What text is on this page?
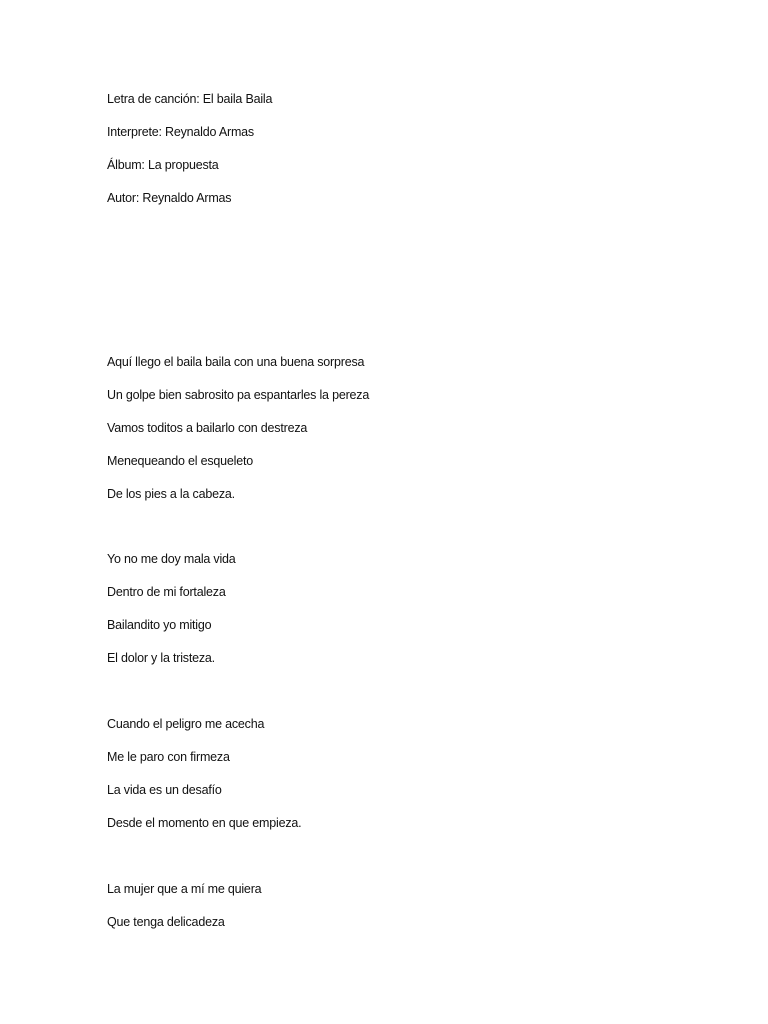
Letra de canción: El baila Baila
Interprete: Reynaldo Armas
Álbum: La propuesta
Autor: Reynaldo Armas
Aquí llego el baila baila con una buena sorpresa
Un golpe bien sabrosito pa espantarles la pereza
Vamos toditos a bailarlo con destreza
Menequeando el esqueleto
De los pies a la cabeza.
Yo no me doy mala vida
Dentro de mi fortaleza
Bailandito yo mitigo
El dolor y la tristeza.
Cuando el peligro me acecha
Me le paro con firmeza
La vida es un desafío
Desde el momento en que empieza.
La mujer que a mí me quiera
Que tenga delicadeza
